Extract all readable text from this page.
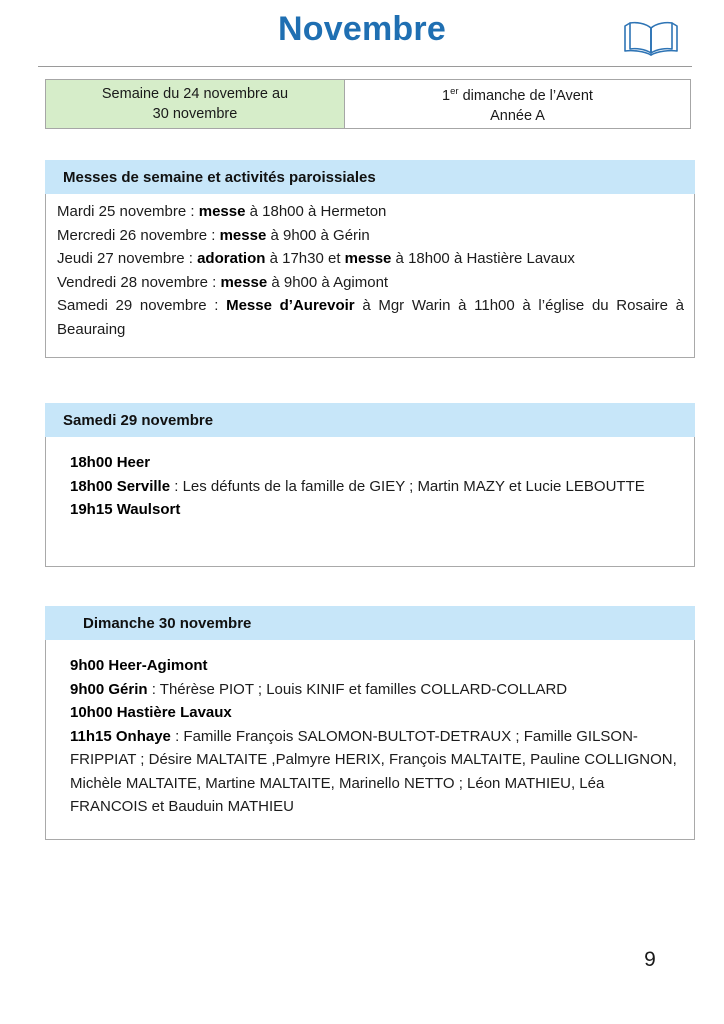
Novembre
Semaine du 24 novembre au
30 novembre
1er dimanche de l’Avent
Année A
Messes de semaine et activités paroissiales

Mardi 25 novembre : messe à 18h00 à Hermeton

Mercredi 26 novembre : messe à 9h00 à Gérin

Jeudi 27 novembre : adoration à 17h30 et messe à 18h00 à Hastière Lavaux

Vendredi 28 novembre : messe à 9h00 à Agimont

Samedi 29 novembre : Messe d’Aurevoir à Mgr Warin à 11h00 à l’église du Rosaire à Beauraing

Samedi 29 novembre

18h00 Heer

18h00 Serville : Les défunts de la famille de GIEY ; Martin MAZY et Lucie LEBOUTTE

19h15 Waulsort

Dimanche 30 novembre

9h00 Heer-Agimont

9h00 Gérin : Thérèse PIOT ; Louis KINIF et familles COLLARD-COLLARD

10h00 Hastière Lavaux

11h15 Onhaye : Famille François SALOMON-BULTOT-DETRAUX ; Famille GILSON-FRIPPIAT ; Désire MALTAITE ,Palmyre HERIX, François MALTAITE, Pauline COLLIGNON, Michèle MALTAITE, Martine MALTAITE, Marinello NETTO ; Léon MATHIEU, Léa FRANCOIS et Bauduin MATHIEU

9
